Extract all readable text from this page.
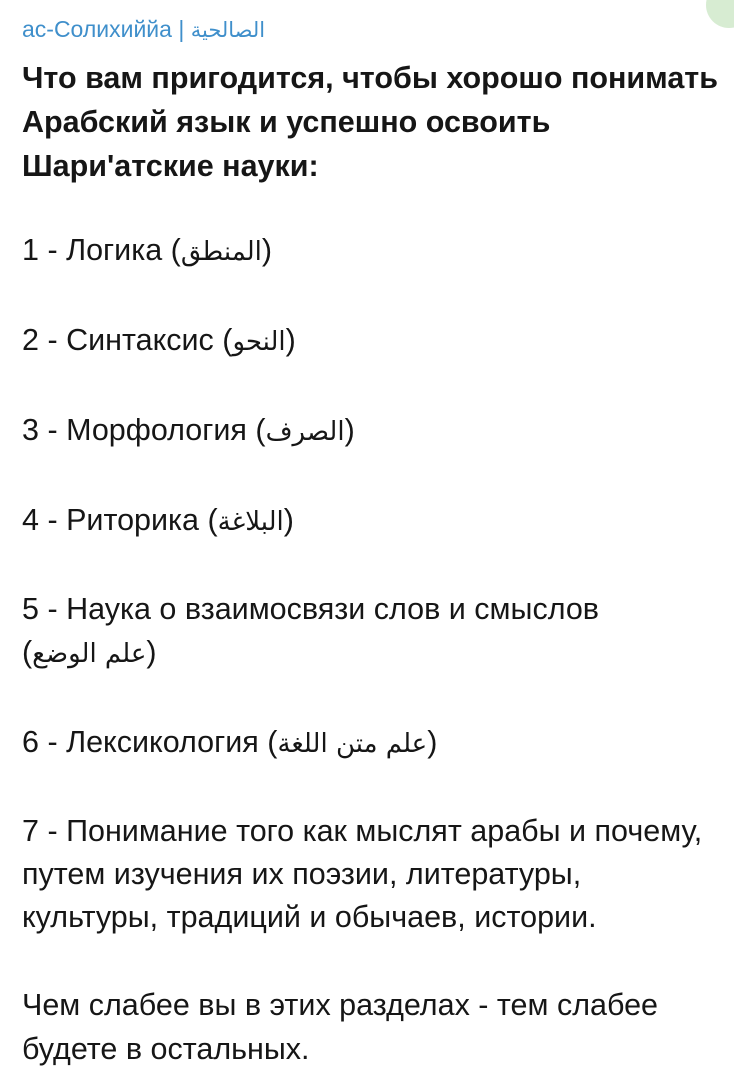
ас-Солихиййа | الصالحية
Что вам пригодится, чтобы хорошо понимать Арабский язык и успешно освоить Шари'атские науки:
1 - Логика (المنطق)
2 - Синтаксис (النحو)
3 - Морфология (الصرف)
4 - Риторика (البلاغة)
5 - Наука о взаимосвязи слов и смыслов
(علم الوضع)
6 - Лексикология (علم متن اللغة)
7 - Понимание того как мыслят арабы и почему, путем изучения их поэзии, литературы, культуры, традиций и обычаев, истории.
Чем слабее вы в этих разделах - тем слабее будете в остальных.
